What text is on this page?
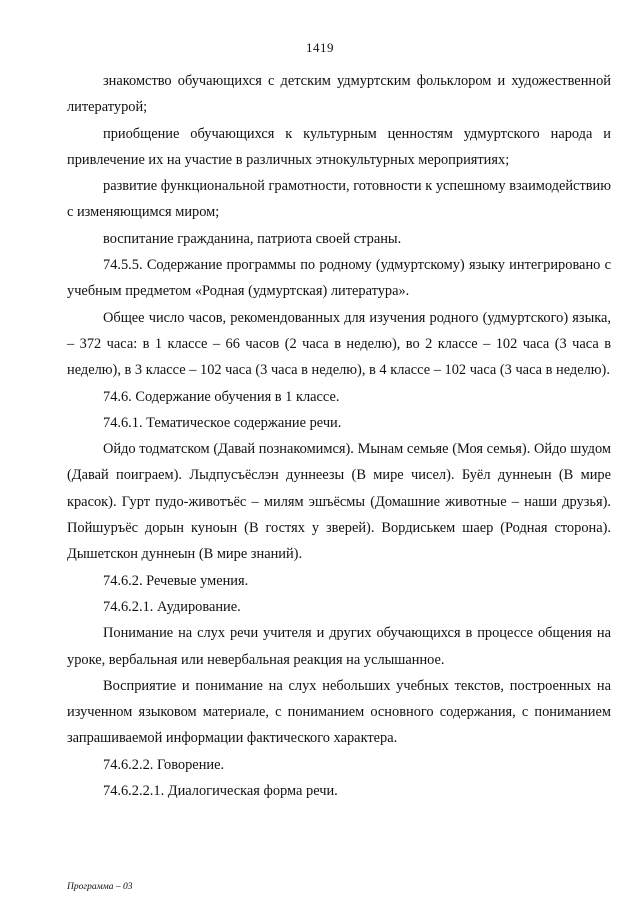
1419

знакомство обучающихся с детским удмуртским фольклором и художественной литературой;

приобщение обучающихся к культурным ценностям удмуртского народа и привлечение их на участие в различных этнокультурных мероприятиях;

развитие функциональной грамотности, готовности к успешному взаимодействию с изменяющимся миром;

воспитание гражданина, патриота своей страны.

74.5.5. Содержание программы по родному (удмуртскому) языку интегрировано с учебным предметом «Родная (удмуртская) литература».

Общее число часов, рекомендованных для изучения родного (удмуртского) языка, – 372 часа: в 1 классе – 66 часов (2 часа в неделю), во 2 классе – 102 часа (3 часа в неделю), в 3 классе – 102 часа (3 часа в неделю), в 4 классе – 102 часа (3 часа в неделю).

74.6. Содержание обучения в 1 классе.

74.6.1. Тематическое содержание речи.

Ойдо тодматском (Давай познакомимся). Мынам семьяе (Моя семья). Ойдо шудом (Давай поиграем). Лыдпусъёслэн дуннеезы (В мире чисел). Буёл дуннеын (В мире красок). Гурт пудо-животъёс – милям эшъёсмы (Домашние животные – наши друзья). Пойшуръёс дорын куноын (В гостях у зверей). Вордиськем шаер (Родная сторона). Дышетскон дуннеын (В мире знаний).

74.6.2. Речевые умения.

74.6.2.1. Аудирование.

Понимание на слух речи учителя и других обучающихся в процессе общения на уроке, вербальная или невербальная реакция на услышанное.

Восприятие и понимание на слух небольших учебных текстов, построенных на изученном языковом материале, с пониманием основного содержания, с пониманием запрашиваемой информации фактического характера.

74.6.2.2. Говорение.

74.6.2.2.1. Диалогическая форма речи.

Программа – 03
